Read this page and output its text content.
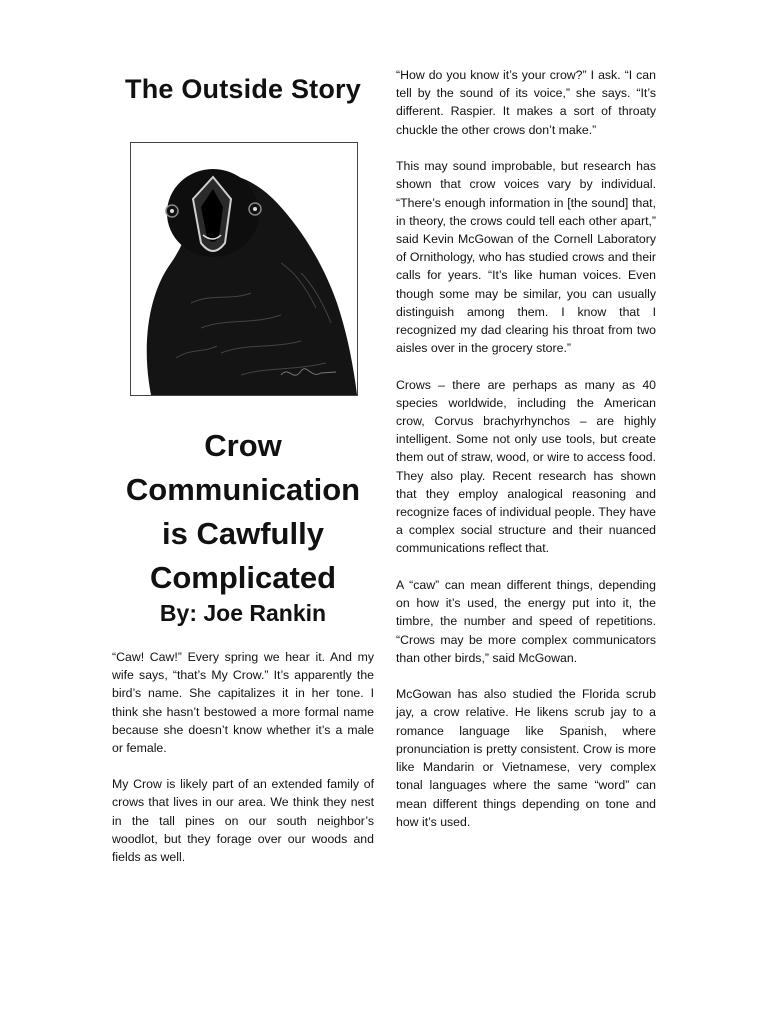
The Outside Story
Crow
Communication
is Cawfully
Complicated
By: Joe Rankin

“Caw! Caw!” Every spring we hear it. And my wife says, “that’s My Crow.” It’s apparently the bird’s name. She capitalizes it in her tone. I think she hasn’t bestowed a more formal name because she doesn’t know whether it’s a male or female.

My Crow is likely part of an extended family of crows that lives in our area. We think they nest in the tall pines on our south neighbor’s woodlot, but they forage over our woods and fields as well.

“How do you know it’s your crow?” I ask. “I can tell by the sound of its voice,” she says. “It’s different. Raspier. It makes a sort of throaty chuckle the other crows don’t make.”

This may sound improbable, but research has shown that crow voices vary by individual. “There’s enough information in [the sound] that, in theory, the crows could tell each other apart,” said Kevin McGowan of the Cornell Laboratory of Ornithology, who has studied crows and their calls for years. “It’s like human voices. Even though some may be similar, you can usually distinguish among them. I know that I recognized my dad clearing his throat from two aisles over in the grocery store.”

Crows – there are perhaps as many as 40 species worldwide, including the American crow, Corvus brachyrhynchos – are highly intelligent. Some not only use tools, but create them out of straw, wood, or wire to access food. They also play. Recent research has shown that they employ analogical reasoning and recognize faces of individual people. They have a complex social structure and their nuanced communications reflect that.

A “caw” can mean different things, depending on how it’s used, the energy put into it, the timbre, the number and speed of repetitions. “Crows may be more complex communicators than other birds,” said McGowan.

McGowan has also studied the Florida scrub jay, a crow relative. He likens scrub jay to a romance language like Spanish, where pronunciation is pretty consistent. Crow is more like Mandarin or Vietnamese, very complex tonal languages where the same “word” can mean different things depending on tone and how it’s used.
